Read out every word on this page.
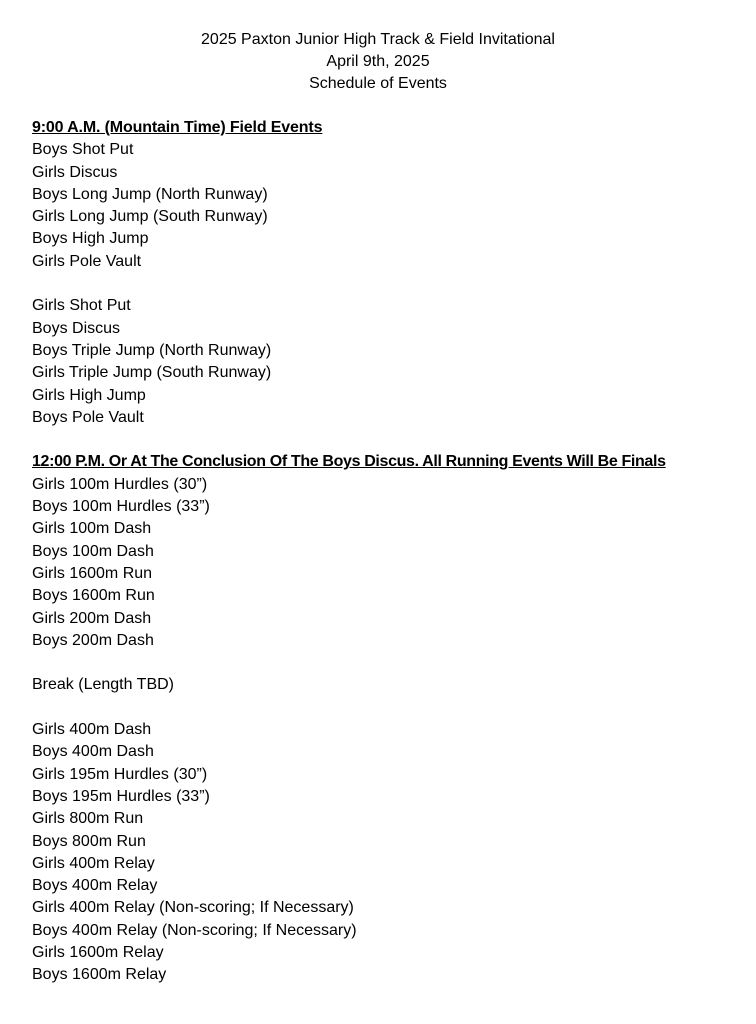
2025 Paxton Junior High Track & Field Invitational
April 9th, 2025
Schedule of Events
9:00 A.M. (Mountain Time) Field Events
Boys Shot Put
Girls Discus
Boys Long Jump (North Runway)
Girls Long Jump (South Runway)
Boys High Jump
Girls Pole Vault
Girls Shot Put
Boys Discus
Boys Triple Jump (North Runway)
Girls Triple Jump (South Runway)
Girls High Jump
Boys Pole Vault
12:00 P.M. Or At The Conclusion Of The Boys Discus. All Running Events Will Be Finals
Girls 100m Hurdles (30”)
Boys 100m Hurdles (33”)
Girls 100m Dash
Boys 100m Dash
Girls 1600m Run
Boys 1600m Run
Girls 200m Dash
Boys 200m Dash
Break (Length TBD)
Girls 400m Dash
Boys 400m Dash
Girls 195m Hurdles (30”)
Boys 195m Hurdles (33”)
Girls 800m Run
Boys 800m Run
Girls 400m Relay
Boys 400m Relay
Girls 400m Relay (Non-scoring; If Necessary)
Boys 400m Relay (Non-scoring; If Necessary)
Girls 1600m Relay
Boys 1600m Relay
